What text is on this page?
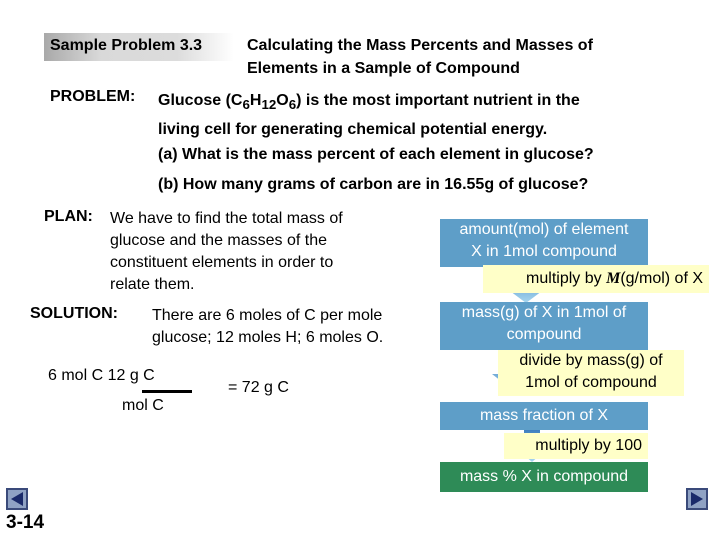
Sample Problem 3.3	Calculating the Mass Percents and Masses of
Elements in a Sample of Compound
PROBLEM: Glucose $(C_6H_{12}O_6)$ is the most important nutrient in the
living cell for generating chemical potential energy.
(a) What is the mass percent of each element in glucose?
(b) How many grams of carbon are in 16.55g of glucose?
PLAN: We have to find the total mass of
glucose and the masses of the
constituent elements in order to
relate them.
SOLUTION: There are 6 moles of C per mole
glucose; 12 moles H; 6 moles O.
6 mol C 12 g C
mol C
= 72 g C
amount(mol) of element
X in 1mol compound
multiply by M(g/mol) of X
mass(g) of X in 1mol of
compound
divide by mass(g) of
1mol of compound
mass fraction of X
multiply by 100
mass % X in compound
3-14
